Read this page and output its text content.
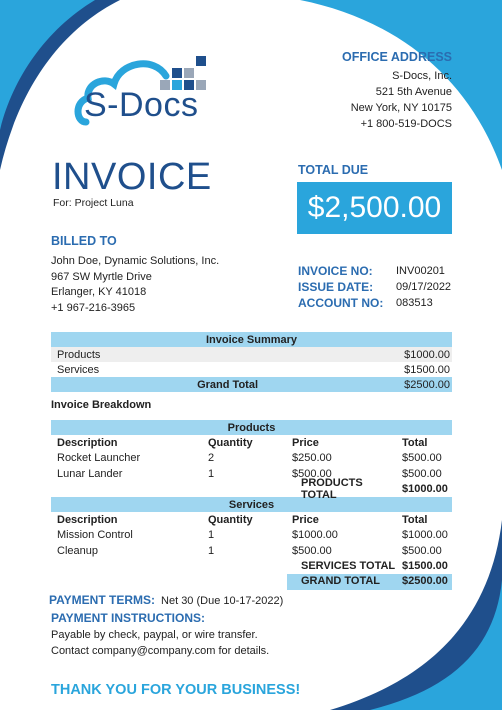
S-Docs
OFFICE ADDRESS
S-Docs, Inc.
521 5th Avenue
New York, NY 10175
+1 800-519-DOCS
INVOICE
For: Project Luna
TOTAL DUE
$2,500.00
BILLED TO
John Doe, Dynamic Solutions, Inc.
967 SW Myrtle Drive
Erlanger, KY 41018
+1 967-216-3965
INVOICE NO:	INV00201
ISSUE DATE:	09/17/2022
ACCOUNT NO:	083513
Invoice Summary
Products	$1000.00
Services	$1500.00
Grand Total	$2500.00
Invoice Breakdown
Products
Description	Quantity	Price	Total
Rocket Launcher	2	$250.00	$500.00
Lunar Lander	1	$500.00	$500.00
PRODUCTS TOTAL	$1000.00
Services
Description	Quantity	Price	Total
Mission Control	1	$1000.00	$1000.00
Cleanup	1	$500.00	$500.00
SERVICES TOTAL $1500.00
GRAND TOTAL	$2500.00
PAYMENT TERMS: Net 30 (Due 10-17-2022)
PAYMENT INSTRUCTIONS:
Payable by check, paypal, or wire transfer.
Contact company@company.com for details.
THANK YOU FOR YOUR BUSINESS!
